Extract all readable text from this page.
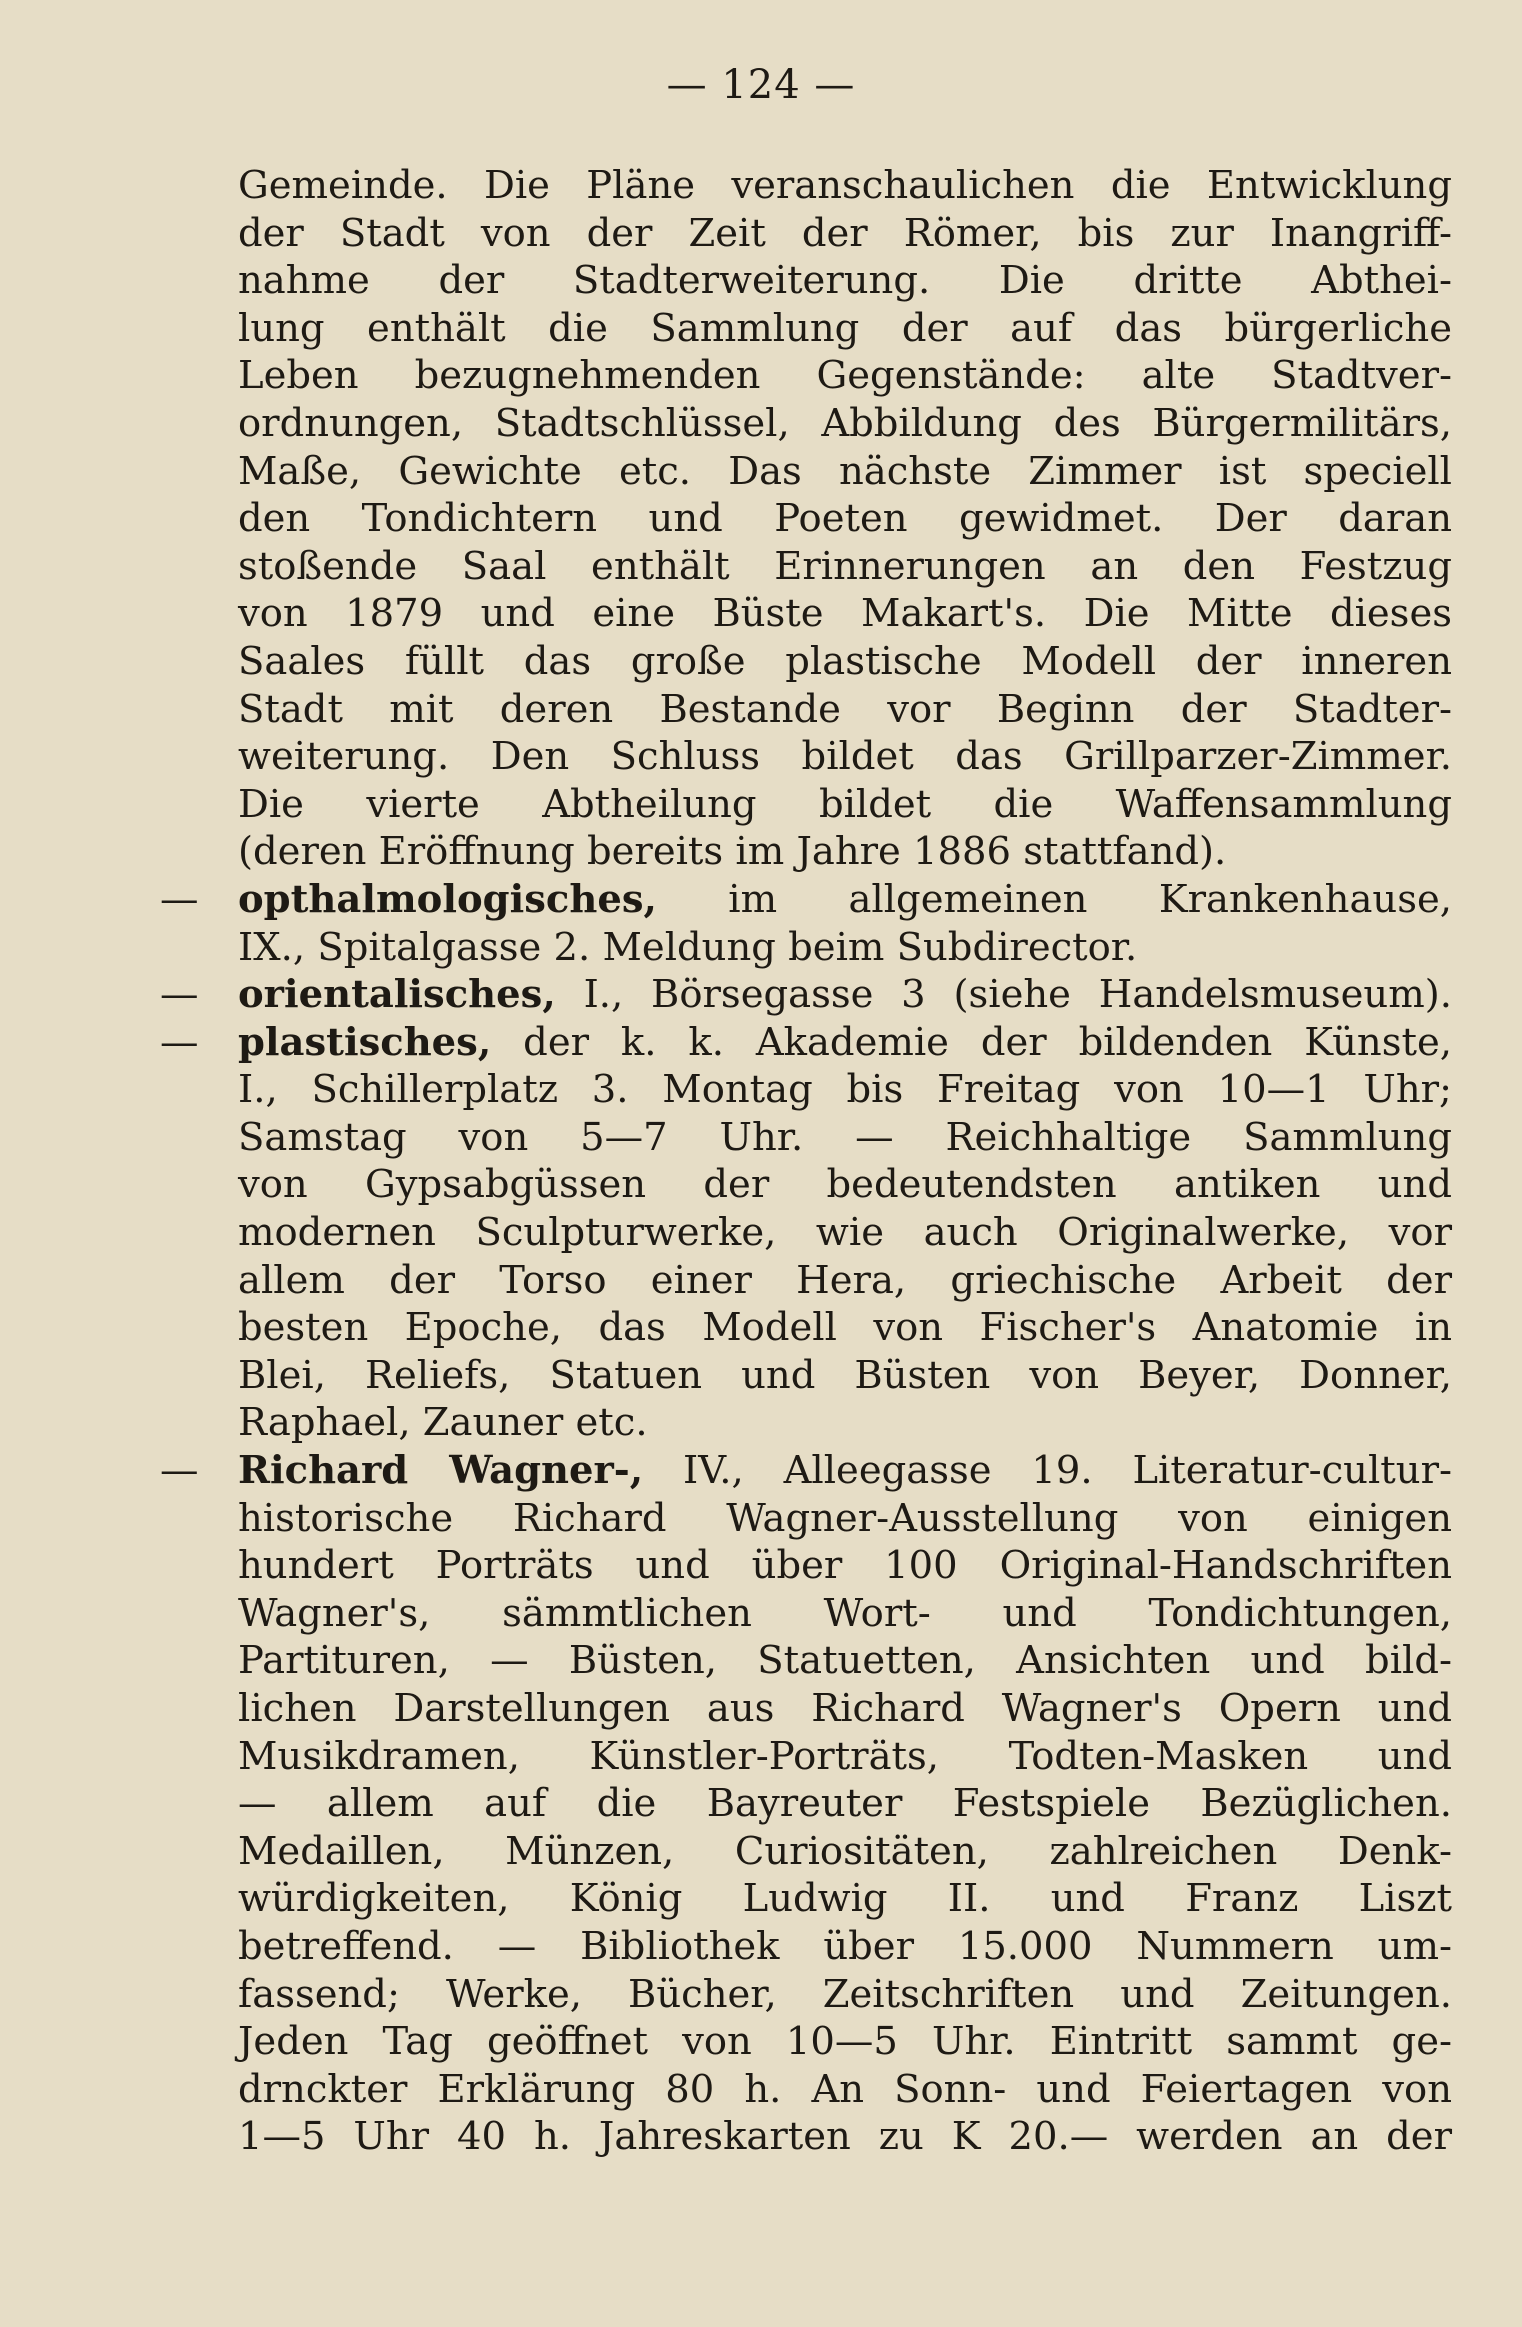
— 124 —
Gemeinde. Die Pläne veranschaulichen die Entwicklung
der Stadt von der Zeit der Römer, bis zur Inangriff-
nahme der Stadterweiterung. Die dritte Abthei-
lung enthält die Sammlung der auf das bürgerliche
Leben bezugnehmenden Gegenstände: alte Stadtver-
ordnungen, Stadtschlüssel, Abbildung des Bürgermilitärs,
Maße, Gewichte etc. Das nächste Zimmer ist speciell
den Tondichtern und Poeten gewidmet. Der daran
stoßende Saal enthält Erinnerungen an den Festzug
von 1879 und eine Büste Makart's. Die Mitte dieses
Saales füllt das große plastische Modell der inneren
Stadt mit deren Bestande vor Beginn der Stadter-
weiterung. Den Schluss bildet das Grillparzer-Zimmer.
Die vierte Abtheilung bildet die Waffensammlung
(deren Eröffnung bereits im Jahre 1886 stattfand).
— opthalmologisches, im allgemeinen Krankenhause,
IX., Spitalgasse 2. Meldung beim Subdirector.
— orientalisches, I., Börsegasse 3 (siehe Handelsmuseum).
— plastisches, der k. k. Akademie der bildenden Künste,
I., Schillerplatz 3. Montag bis Freitag von 10—1 Uhr;
Samstag von 5—7 Uhr. — Reichhaltige Sammlung
von Gypsabgüssen der bedeutendsten antiken und
modernen Sculpturwerke, wie auch Originalwerke, vor
allem der Torso einer Hera, griechische Arbeit der
besten Epoche, das Modell von Fischer's Anatomie in
Blei, Reliefs, Statuen und Büsten von Beyer, Donner,
Raphael, Zauner etc.
— Richard Wagner-, IV., Alleegasse 19. Literatur-cultur-
historische Richard Wagner-Ausstellung von einigen
hundert Porträts und über 100 Original-Handschriften
Wagner's, sämmtlichen Wort- und Tondichtungen,
Partituren, — Büsten, Statuetten, Ansichten und bild-
lichen Darstellungen aus Richard Wagner's Opern und
Musikdramen, Künstler-Porträts, Todten-Masken und
— allem auf die Bayreuter Festspiele Bezüglichen.
Medaillen, Münzen, Curiositäten, zahlreichen Denk-
würdigkeiten, König Ludwig II. und Franz Liszt
betreffend. — Bibliothek über 15.000 Nummern um-
fassend; Werke, Bücher, Zeitschriften und Zeitungen.
Jeden Tag geöffnet von 10—5 Uhr. Eintritt sammt ge-
drnckter Erklärung 80 h. An Sonn- und Feiertagen von
1—5 Uhr 40 h. Jahreskarten zu K 20.— werden an der
